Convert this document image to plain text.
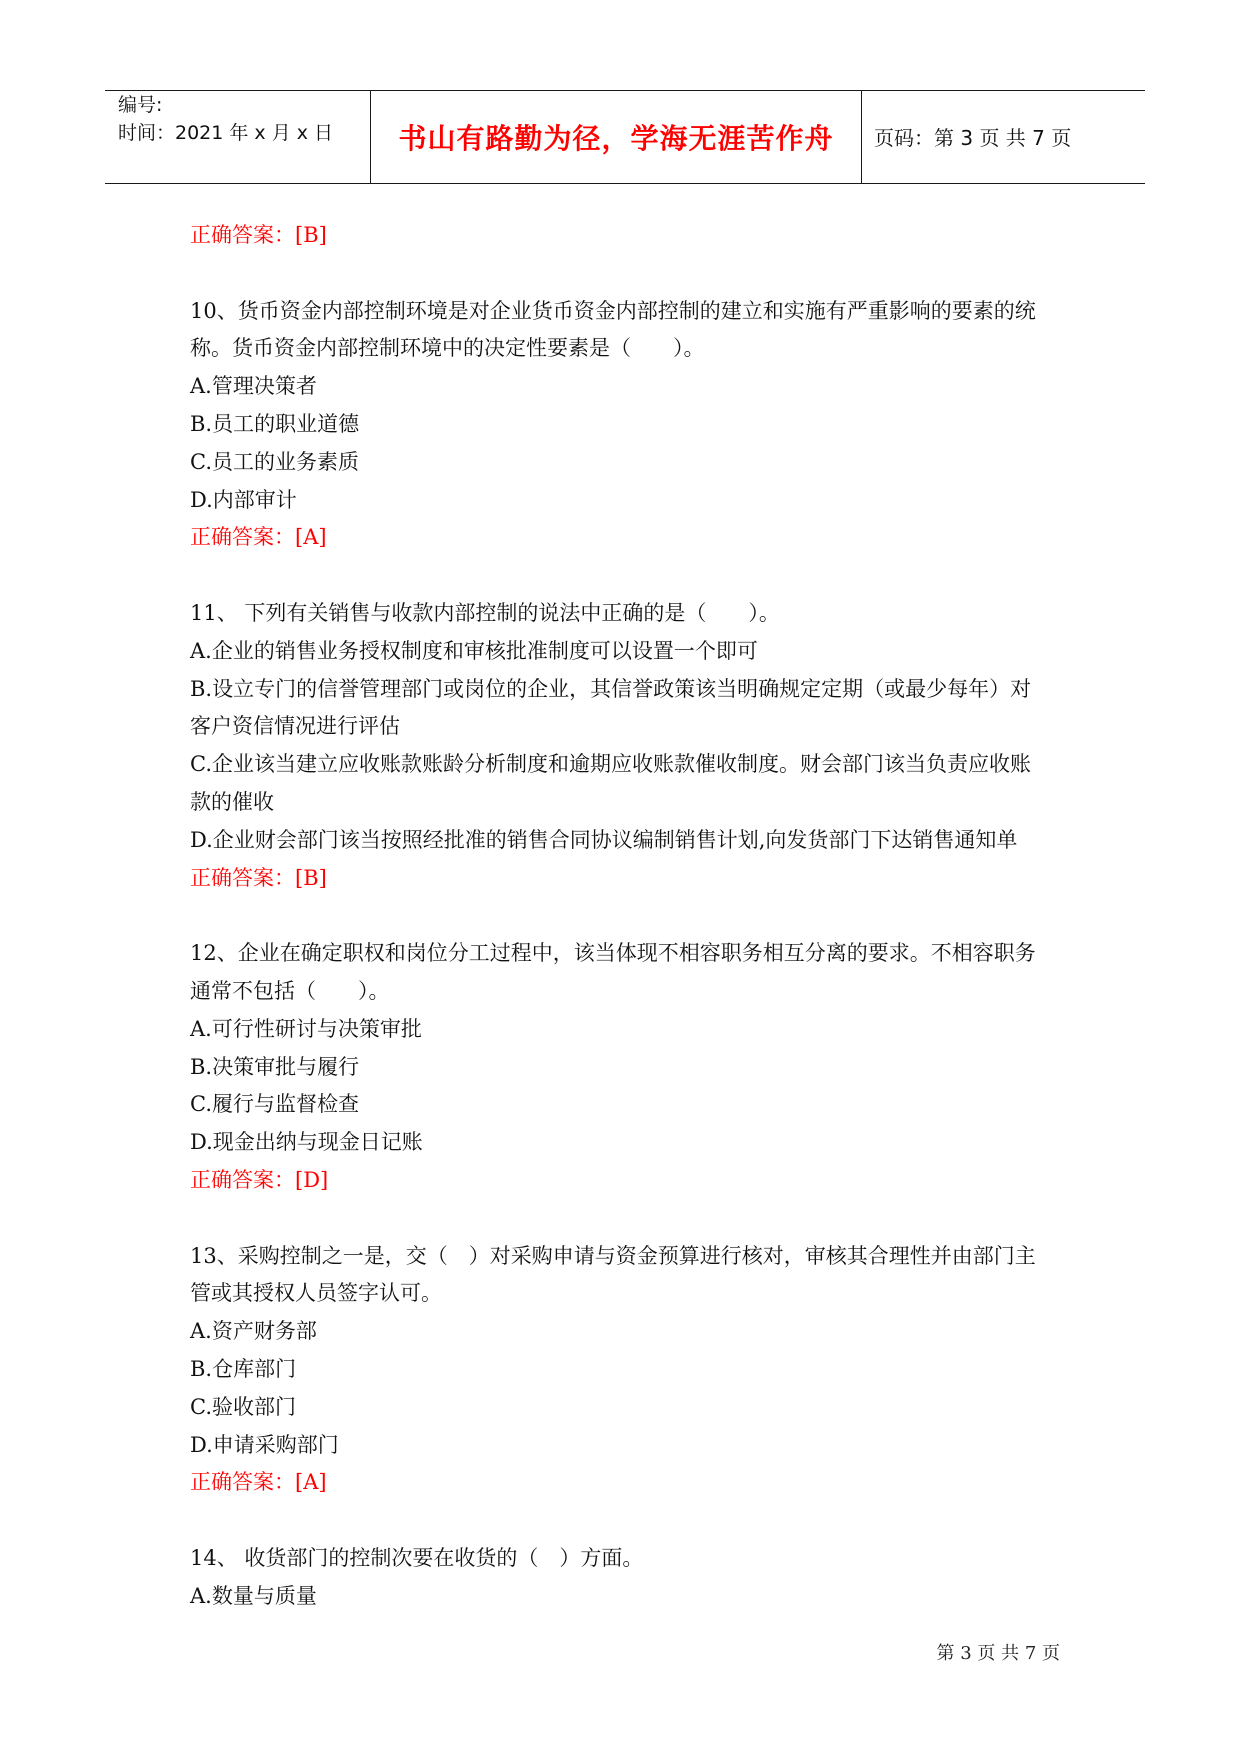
编号:
时间：2021 年 x 月 x 日	书山有路勤为径，学海无涯苦作舟 页码：第 3 页 共 7 页
正确答案：[B]
10、货币资金内部控制环境是对企业货币资金内部控制的建立和实施有严重影响的要素的统
称。货币资金内部控制环境中的决定性要素是（　　）。
A.管理决策者
B.员工的职业道德
C.员工的业务素质
D.内部审计
正确答案：[A]
11、 下列有关销售与收款内部控制的说法中正确的是（　　）。
A.企业的销售业务授权制度和审核批准制度可以设置一个即可
B.设立专门的信誉管理部门或岗位的企业，其信誉政策该当明确规定定期（或最少每年）对
客户资信情况进行评估
C.企业该当建立应收账款账龄分析制度和逾期应收账款催收制度。财会部门该当负责应收账
款的催收
D.企业财会部门该当按照经批准的销售合同协议编制销售计划,向发货部门下达销售通知单
正确答案：[B]
12、企业在确定职权和岗位分工过程中，该当体现不相容职务相互分离的要求。不相容职务
通常不包括（　　）。
A.可行性研讨与决策审批
B.决策审批与履行
C.履行与监督检查
D.现金出纳与现金日记账
正确答案：[D]
13、采购控制之一是，交（　）对采购申请与资金预算进行核对，审核其合理性并由部门主
管或其授权人员签字认可。
A.资产财务部
B.仓库部门
C.验收部门
D.申请采购部门
正确答案：[A]
14、 收货部门的控制次要在收货的（　）方面。
A.数量与质量
第 3 页 共 7 页
